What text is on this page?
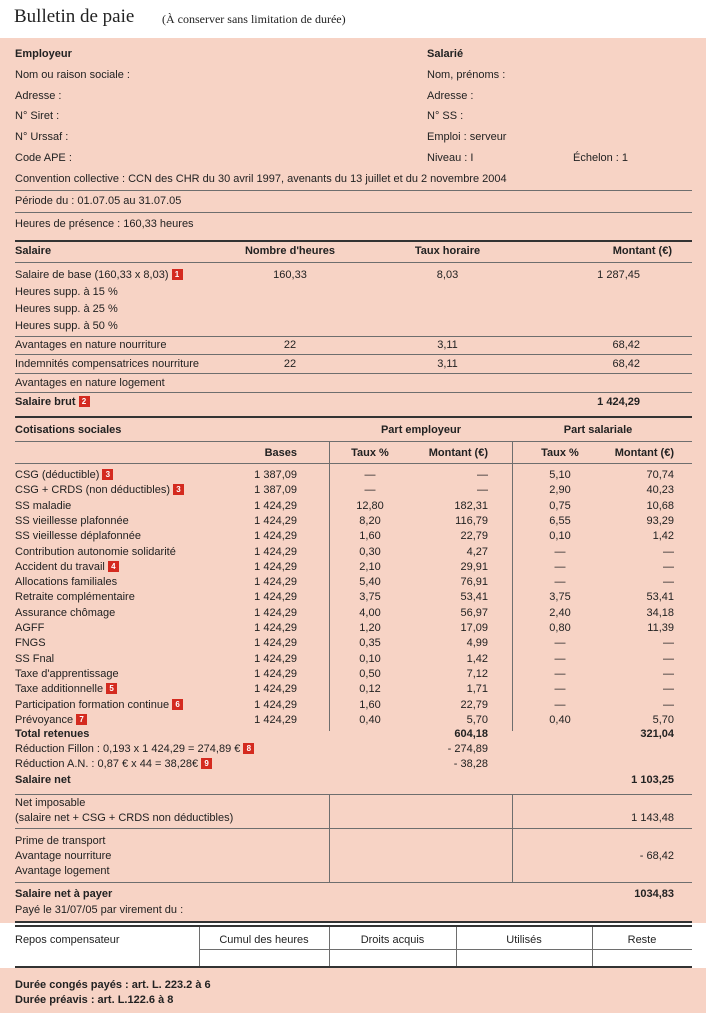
Bulletin de paie (À conserver sans limitation de durée)
Employeur
Nom ou raison sociale :
Adresse :
N° Siret :
N° Urssaf :
Code APE :
Salarié
Nom, prénoms :
Adresse :
N° SS :
Emploi : serveur
Niveau : I	Échelon : 1
Convention collective : CCN des CHR du 30 avril 1997, avenants du 13 juillet et du 2 novembre 2004
Période du : 01.07.05 au 31.07.05
Heures de présence : 160,33 heures
Salaire	Nombre d'heures	Taux horaire	Montant (€)
Salaire de base (160,33 x 8,03) 1	160,33	8,03	1 287,45
Heures supp. à 15 %
Heures supp. à 25 %
Heures supp. à 50 %
Avantages en nature nourriture	22	3,11	68,42
Indemnités compensatrices nourriture	22	3,11	68,42
Avantages en nature logement
Salaire brut 2	1 424,29
Cotisations sociales	Part employeur	Part salariale
Bases	Taux %	Montant (€)	Taux %	Montant (€)
CSG (déductible) 3	1 387,09	—	—	5,10	70,74
CSG + CRDS (non déductibles) 3	1 387,09	—	—	2,90	40,23
SS maladie	1 424,29	12,80	182,31	0,75	10,68
SS vieillesse plafonnée	1 424,29	8,20	116,79	6,55	93,29
SS vieillesse déplafonnée	1 424,29	1,60	22,79	0,10	1,42
Contribution autonomie solidarité	1 424,29	0,30	4,27	—	—
Accident du travail 4	1 424,29	2,10	29,91	—	—
Allocations familiales	1 424,29	5,40	76,91	—	—
Retraite complémentaire	1 424,29	3,75	53,41	3,75	53,41
Assurance chômage	1 424,29	4,00	56,97	2,40	34,18
AGFF	1 424,29	1,20	17,09	0,80	11,39
FNGS	1 424,29	0,35	4,99	—	—
SS Fnal	1 424,29	0,10	1,42	—	—
Taxe d'apprentissage	1 424,29	0,50	7,12	—	—
Taxe additionnelle 5	1 424,29	0,12	1,71	—	—
Participation formation continue 6	1 424,29	1,60	22,79	—	—
Prévoyance 7	1 424,29	0,40	5,70	0,40	5,70
Total retenues	604,18	321,04
Réduction Fillon : 0,193 x 1 424,29 = 274,89 € 8	- 274,89
Réduction A.N. : 0,87 € x 44 = 38,28€ 9	- 38,28
Salaire net	1 103,25
Net imposable
(salaire net + CSG + CRDS non déductibles)	1 143,48
Prime de transport
Avantage nourriture	- 68,42
Avantage logement
Salaire net à payer	1034,83
Payé le 31/07/05 par virement du :
Repos compensateur	Cumul des heures	Droits acquis	Utilisés	Reste
Durée congés payés : art. L. 223.2 à 6
Durée préavis : art. L.122.6 à 8
